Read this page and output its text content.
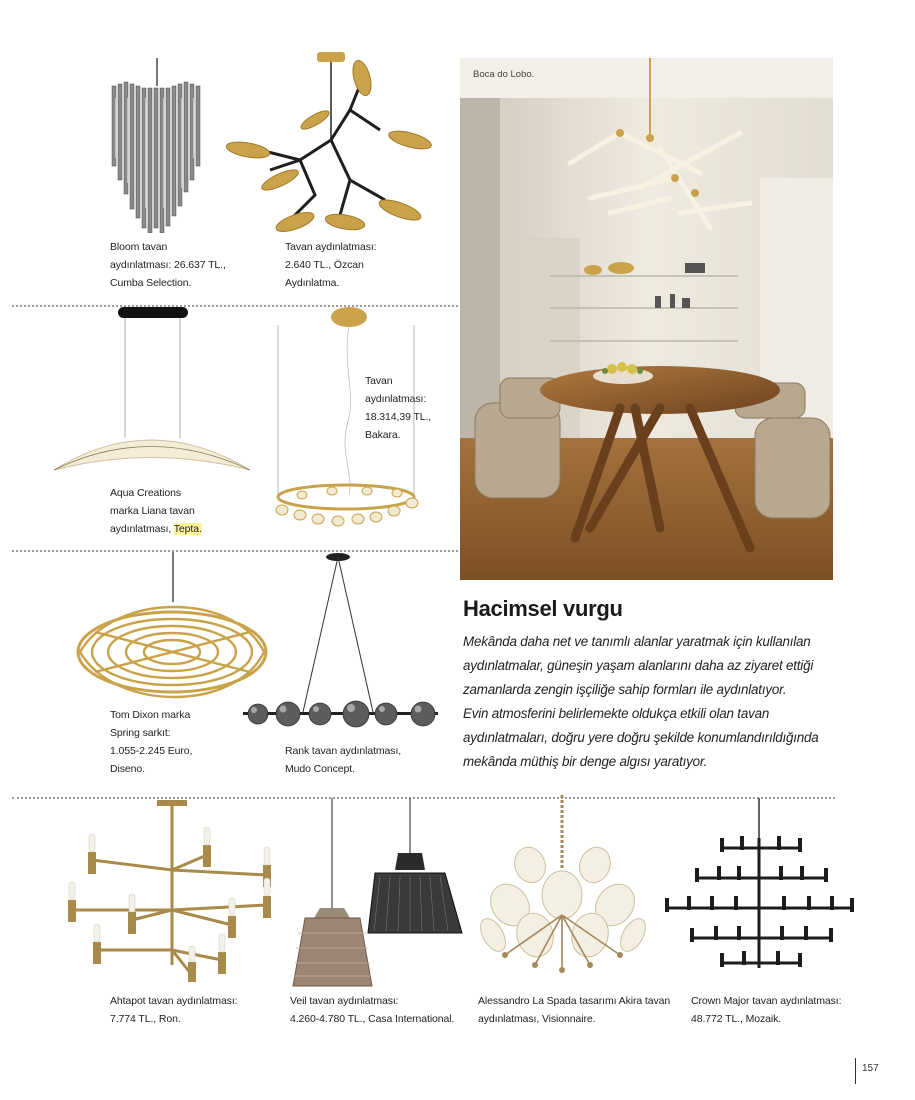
Bloom tavan
aydınlatması: 26.637 TL.,
Cumba Selection.
Tavan aydınlatması:
2.640 TL., Özcan
Aydınlatma.
Aqua Creations
marka Liana tavan
aydınlatması, Tepta.
Tavan
aydınlatması:
18.314,39 TL.,
Bakara.
Tom Dixon marka
Spring sarkıt:
1.055-2.245 Euro,
Diseno.
Rank tavan aydınlatması,
Mudo Concept.
Boca do Lobo.
Hacimsel vurgu
Mekânda daha net ve tanımlı alanlar yaratmak için kullanılan
aydınlatmalar, güneşin yaşam alanlarını daha az ziyaret ettiği
zamanlarda zengin işçiliğe sahip formları ile aydınlatıyor.
Evin atmosferini belirlemekte oldukça etkili olan tavan
aydınlatmaları, doğru yere doğru şekilde konumlandırıldığında
mekânda müthiş bir denge algısı yaratıyor.
Ahtapot tavan aydınlatması:
7.774 TL., Ron.
Veil tavan aydınlatması:
4.260-4.780 TL., Casa International.
Alessandro La Spada tasarımı Akira tavan
aydınlatması, Visionnaire.
Crown Major tavan aydınlatması:
48.772 TL., Mozaik.
157
